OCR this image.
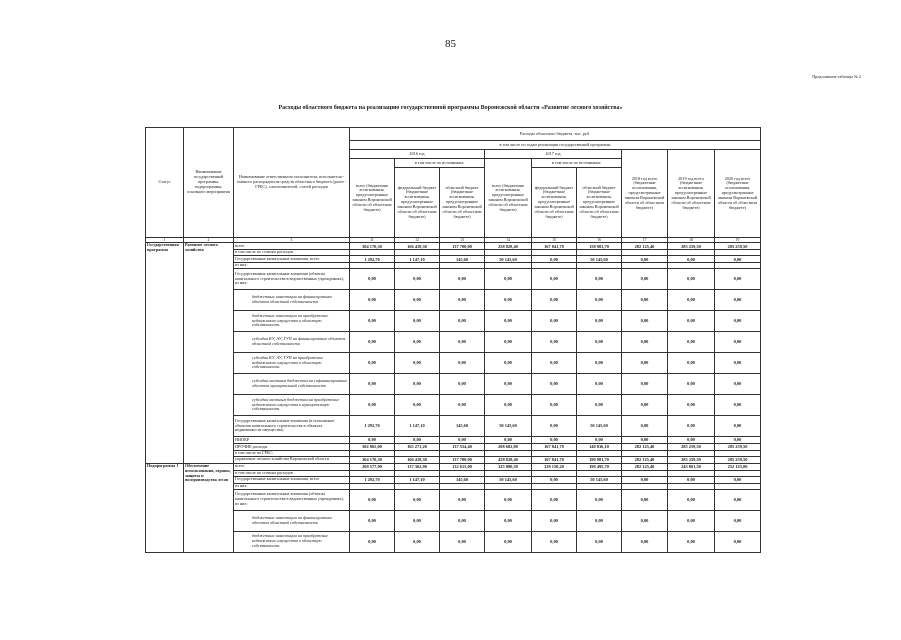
85
Продолжение таблицы № 2
Расходы областного бюджета на реализацию государственной программы Воронежской области «Развитие лесного хозяйства»
Статус	Наименование государственной программы, подпрограммы, основного мероприятия	Наименование ответственного исполнителя, исполнителя - главного распорядителя средств областного бюджета (далее - ГРБС), соисполнителей, статей расходов	Расходы областного бюджета, тыс. руб.								
			в том числе по годам реализации государственной программы								
			2016 год			2017 год			2018 год всего (бюджетные ассигнования, предусмотренные законом Воронежской области об областном бюджете)	2019 год всего (бюджетные ассигнования, предусмотренные законом Воронежской области об областном бюджете)	2020 год всего (бюджетные ассигнования, предусмотренные законом Воронежской области об областном бюджете)
			всего (бюджетные ассигнования, предусмотренные законом Воронежской области об областном бюджете)	в том числе по источникам:		всего (бюджетные ассигнования, предусмотренные законом Воронежской области об областном бюджете)	в том числе по источникам:				
				федеральный бюджет (бюджетные ассигнования, предусмотренные законом Воронежской области об областном бюджете)	областной бюджет (бюджетные ассигнования, предусмотренные законом Воронежской области об областном бюджете)		федеральный бюджет (бюджетные ассигнования, предусмотренные законом Воронежской области об областном бюджете)	областной бюджет (бюджетные ассигнования, предусмотренные законом Воронежской области об областном бюджете)			
1	2	3	11	12	13	14	15	16	17	18	19
Государственная программа	Развитие лесного хозяйства	всего	304 170,30	166 418,30	137 700,00	258 828,40	167 841,70	158 981,70	282 125,40	285 259,50	285 259,50
		в том числе по статьям расходов									
		Государственные капитальные вложения, всего	1 292,70	1 147,10	145,60	50 145,60	0,00	50 145,60	0,00	0,00	0,00
		из них:									
		Государственные капитальные вложения (объекты капитального строительства в ведомственных учреждениях), из них:	0,00	0,00	0,00	0,00	0,00	0,00	0,00	0,00	0,00
		бюджетные инвестиции на финансирование объектов областной собственности	0,00	0,00	0,00	0,00	0,00	0,00	0,00	0,00	0,00
		бюджетные инвестиции на приобретение недвижимого имущества в областную собственность	0,00	0,00	0,00	0,00	0,00	0,00	0,00	0,00	0,00
		субсидии КУ, АУ, ГУП на финансирование объектов областной собственности	0,00	0,00	0,00	0,00	0,00	0,00	0,00	0,00	0,00
		субсидии КУ, АУ, ГУП на приобретение недвижимого имущества в областную собственность	0,00	0,00	0,00	0,00	0,00	0,00	0,00	0,00	0,00
		субсидии местным бюджетам на софинансирование объектов муниципальной собственности	0,00	0,00	0,00	0,00	0,00	0,00	0,00	0,00	0,00
		субсидии местным бюджетам на приобретение недвижимого имущества в муниципальную собственность	0,00	0,00	0,00	0,00	0,00	0,00	0,00	0,00	0,00
		Государственные капитальные вложения (в пополнение объектов капитального строительства в объектах недвижимости имущества)	1 292,70	1 147,10	145,60	50 145,60	0,00	50 145,60	0,00	0,00	0,00
		НИОКР	0,00	0,00	0,00	0,00	0,00	0,00	0,00	0,00	0,00
		ПРОЧИЕ расходы	302 865,00	165 271,20	137 554,40	208 682,80	167 841,70	140 836,10	282 125,40	285 259,50	285 259,50
		в том числе по ГРБС:									
		управление лесного хозяйства Воронежской области	304 170,30	166 418,30	137 700,00	458 828,40	167 841,70	190 981,70	282 125,40	285 259,50	285 259,50
Подпрограмма 1	Обеспечение использования, охраны, защиты и воспроизводства лесов	всего	269 577,90	137 362,90	132 615,00	325 080,50	129 150,20	190 495,70	282 125,40	245 861,50	252 125,00
		в том числе по статьям расходов									
		Государственные капитальные вложения, всего	1 292,70	1 147,10	145,60	50 145,60	0,00	50 145,60	0,00	0,00	0,00
		из них:									
		Государственные капитальные вложения (объекты капитального строительства в ведомственных учреждениях), из них:	0,00	0,00	0,00	0,00	0,00	0,00	0,00	0,00	0,00
		бюджетные инвестиции на финансирование объектов областной собственности	0,00	0,00	0,00	0,00	0,00	0,00	0,00	0,00	0,00
		бюджетные инвестиции на приобретение недвижимого имущества в областную собственность	0,00	0,00	0,00	0,00	0,00	0,00	0,00	0,00	0,00
